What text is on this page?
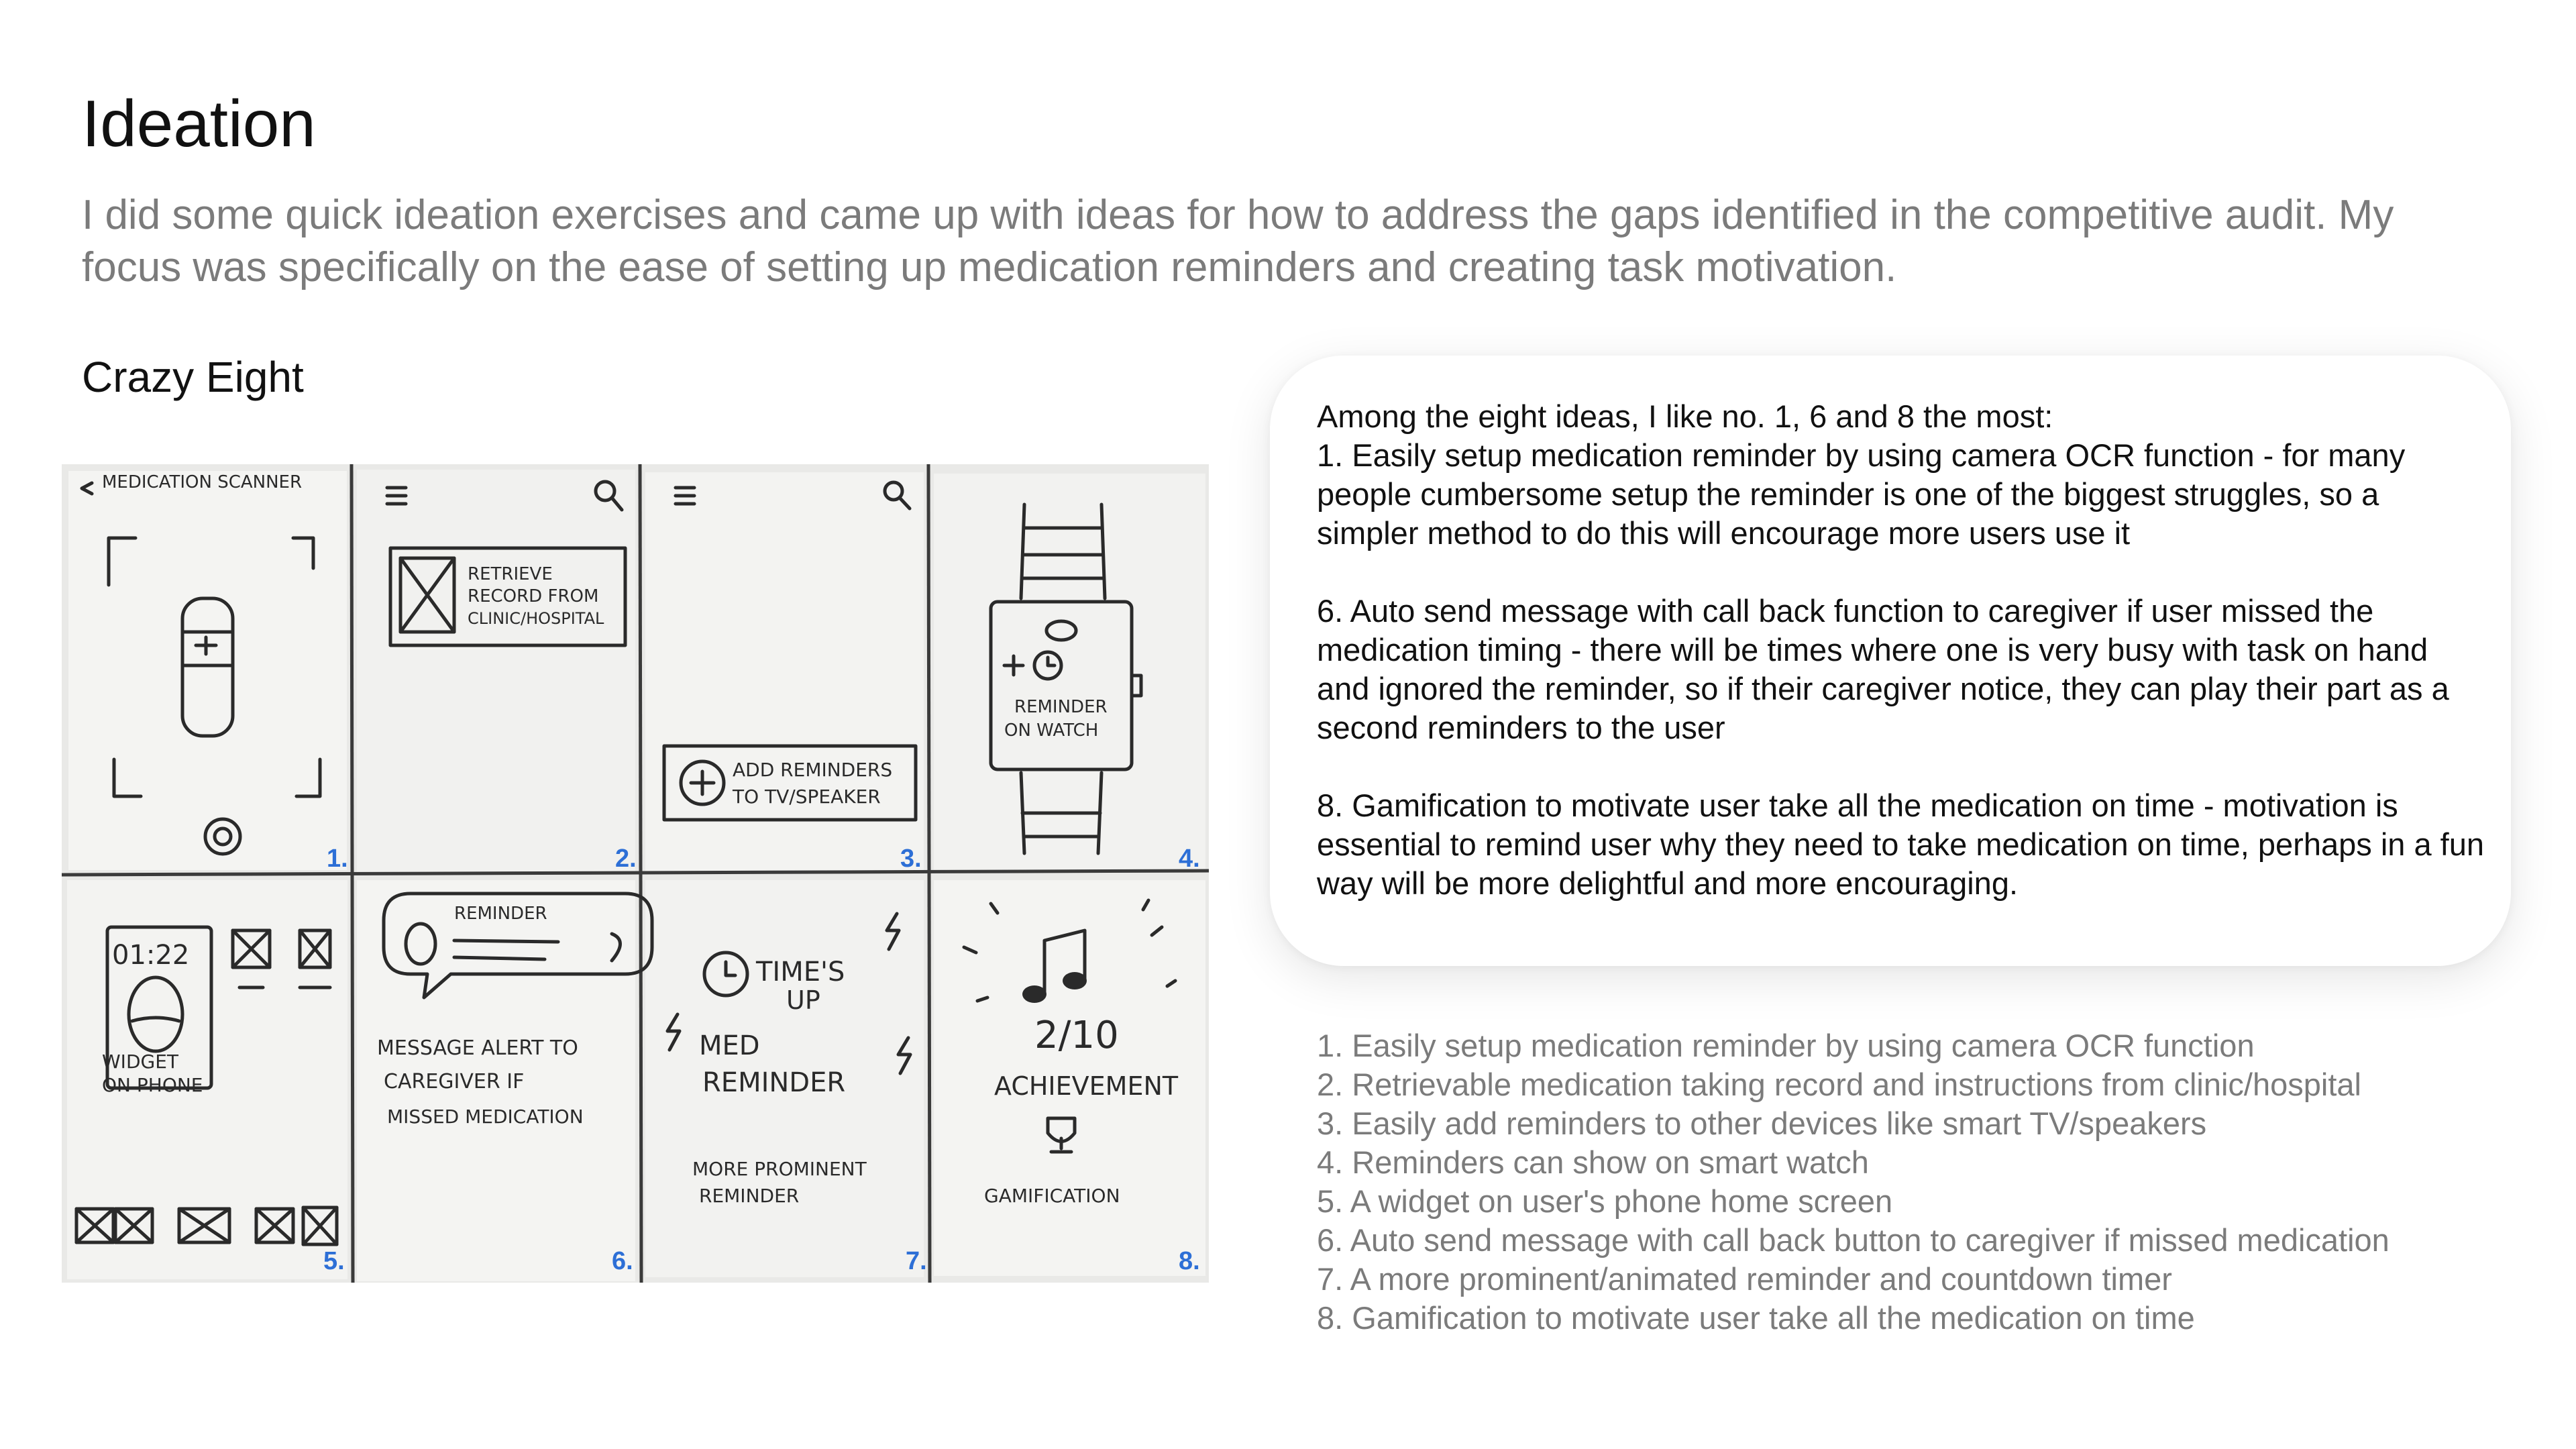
Ideation
I did some quick ideation exercises and came up with ideas for how to address the gaps identified in the competitive audit. My focus was specifically on the ease of setting up medication reminders and creating task motivation.
Crazy Eight
MEDICATION SCANNER
1.
RETRIEVE
RECORD FROM
CLINIC/HOSPITAL
2.
ADD REMINDERS
TO TV/SPEAKER
3.
REMINDER
ON WATCH
4.
01:22
WIDGET
ON PHONE
5.
REMINDER
MESSAGE ALERT TO
CAREGIVER IF
MISSED MEDICATION
6.
TIME'S
UP
MED
REMINDER
MORE PROMINENT
REMINDER
7.
2/10
ACHIEVEMENT
GAMIFICATION
8.

Among the eight ideas, I like no. 1, 6 and 8 the most:

1. Easily setup medication reminder by using camera OCR function - for many people cumbersome setup the reminder is one of the biggest struggles, so a simpler method to do this will encourage more users use it

6. Auto send message with call back function to caregiver if user missed the medication timing - there will be times where one is very busy with task on hand and ignored the reminder, so if their caregiver notice, they can play their part as a second reminders to the user

8. Gamification to motivate user take all the medication on time - motivation is essential to remind user why they need to take medication on time, perhaps in a fun way will be more delightful and more encouraging.

1. Easily setup medication reminder by using camera OCR function
2. Retrievable medication taking record and instructions from clinic/hospital
3. Easily add reminders to other devices like smart TV/speakers
4. Reminders can show on smart watch
5. A widget on user's phone home screen
6. Auto send message with call back button to caregiver if missed medication
7. A more prominent/animated reminder and countdown timer
8. Gamification to motivate user take all the medication on time
